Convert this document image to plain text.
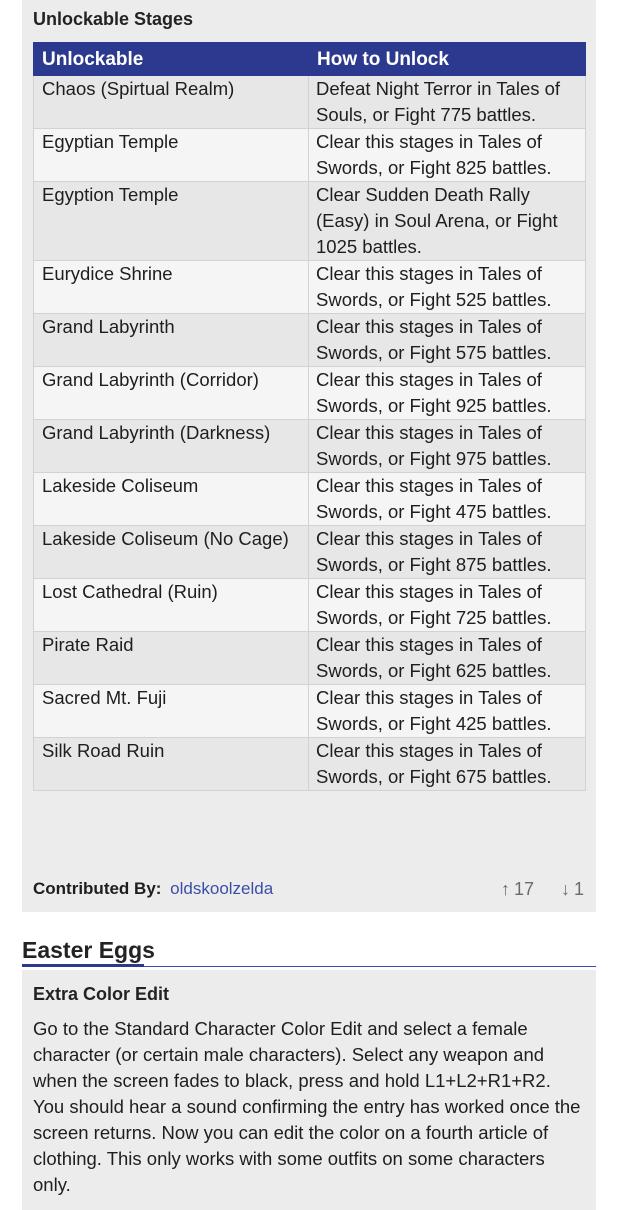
Unlockable Stages
Unlockable	How to Unlock
Chaos (Spirtual Realm)	Defeat Night Terror in Tales of Souls, or Fight 775 battles.
Egyptian Temple	Clear this stages in Tales of Swords, or Fight 825 battles.
Egyption Temple	Clear Sudden Death Rally (Easy) in Soul Arena, or Fight 1025 battles.
Eurydice Shrine	Clear this stages in Tales of Swords, or Fight 525 battles.
Grand Labyrinth	Clear this stages in Tales of Swords, or Fight 575 battles.
Grand Labyrinth (Corridor)	Clear this stages in Tales of Swords, or Fight 925 battles.
Grand Labyrinth (Darkness)	Clear this stages in Tales of Swords, or Fight 975 battles.
Lakeside Coliseum	Clear this stages in Tales of Swords, or Fight 475 battles.
Lakeside Coliseum (No Cage)	Clear this stages in Tales of Swords, or Fight 875 battles.
Lost Cathedral (Ruin)	Clear this stages in Tales of Swords, or Fight 725 battles.
Pirate Raid	Clear this stages in Tales of Swords, or Fight 625 battles.
Sacred Mt. Fuji	Clear this stages in Tales of Swords, or Fight 425 battles.
Silk Road Ruin	Clear this stages in Tales of Swords, or Fight 675 battles.
Contributed By: oldskoolzelda	↑ 17 ↓ 1
Easter Eggs
Extra Color Edit

Go to the Standard Character Color Edit and select a female character (or certain male characters). Select any weapon and when the screen fades to black, press and hold L1+L2+R1+R2. You should hear a sound confirming the entry has worked once the screen returns. Now you can edit the color on a fourth article of clothing. This only works with some outfits on some characters only.
